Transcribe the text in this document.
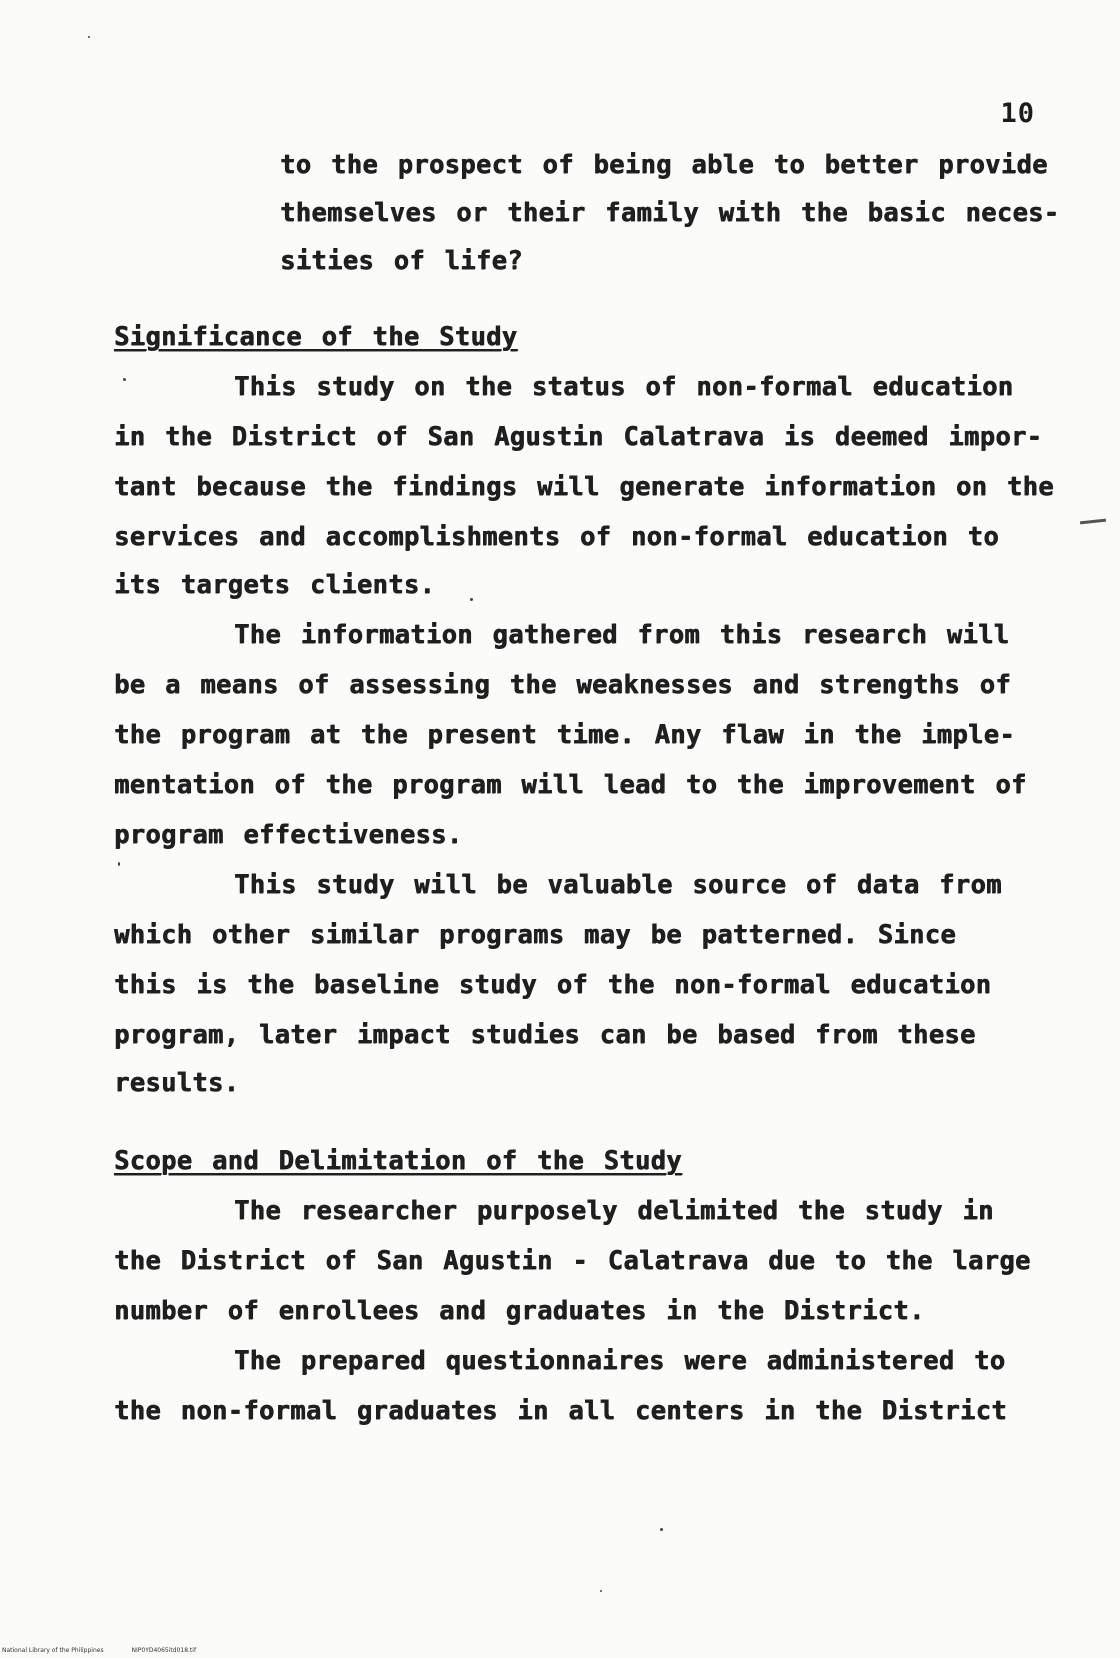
10
to the prospect of being able to better provide
themselves or their family with the basic neces-
sities of life?
Significance of the Study
This study on the status of non-formal education
in the District of San Agustin Calatrava is deemed impor-
tant because the findings will generate information on the
services and accomplishments of non-formal education to
its targets clients.
The information gathered from this research will
be a means of assessing the weaknesses and strengths of
the program at the present time. Any flaw in the imple-
mentation of the program will lead to the improvement of
program effectiveness.
This study will be valuable source of data from
which other similar programs may be patterned. Since
this is the baseline study of the non-formal education
program, later impact studies can be based from these
results.
Scope and Delimitation of the Study
The researcher purposely delimited the study in
the District of San Agustin - Calatrava due to the large
number of enrollees and graduates in the District.
The prepared questionnaires were administered to
the non-formal graduates in all centers in the District
National Library of the Philippines	NIP0YD4065itd018.tif
